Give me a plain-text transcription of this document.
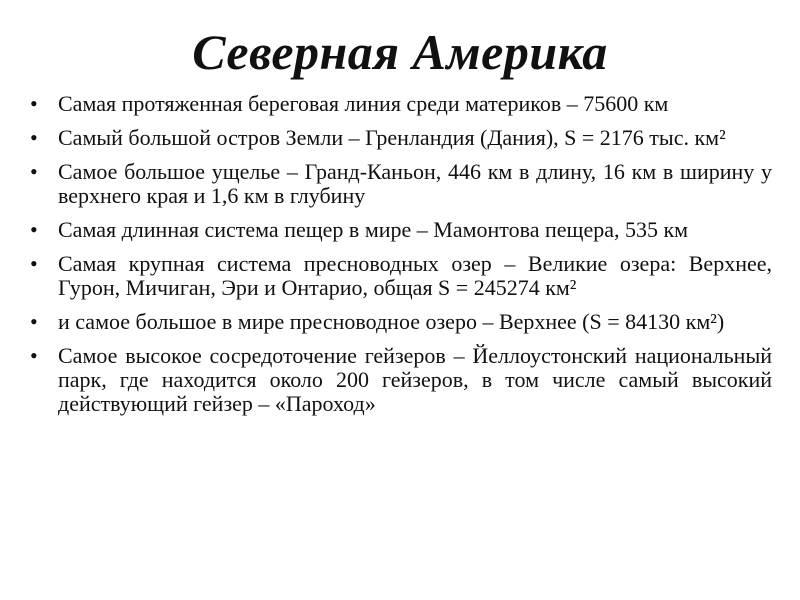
Северная Америка
• Самая протяженная береговая линия среди материков – 75600 км
• Самый большой остров Земли – Гренландия (Дания), S = 2176 тыс. км²
• Самое большое ущелье – Гранд-Каньон, 446 км в длину, 16 км в ширину у верхнего края и 1,6 км в глубину
• Самая длинная система пещер в мире – Мамонтова пещера, 535 км
• Самая крупная система пресноводных озер – Великие озера: Верхнее, Гурон, Мичиган, Эри и Онтарио, общая S = 245274 км²
• и самое большое в мире пресноводное озеро – Верхнее (S = 84130 км²)
• Самое высокое сосредоточение гейзеров – Йеллоустонский национальный парк, где находится около 200 гейзеров, в том числе самый высокий действующий гейзер – «Пароход»
